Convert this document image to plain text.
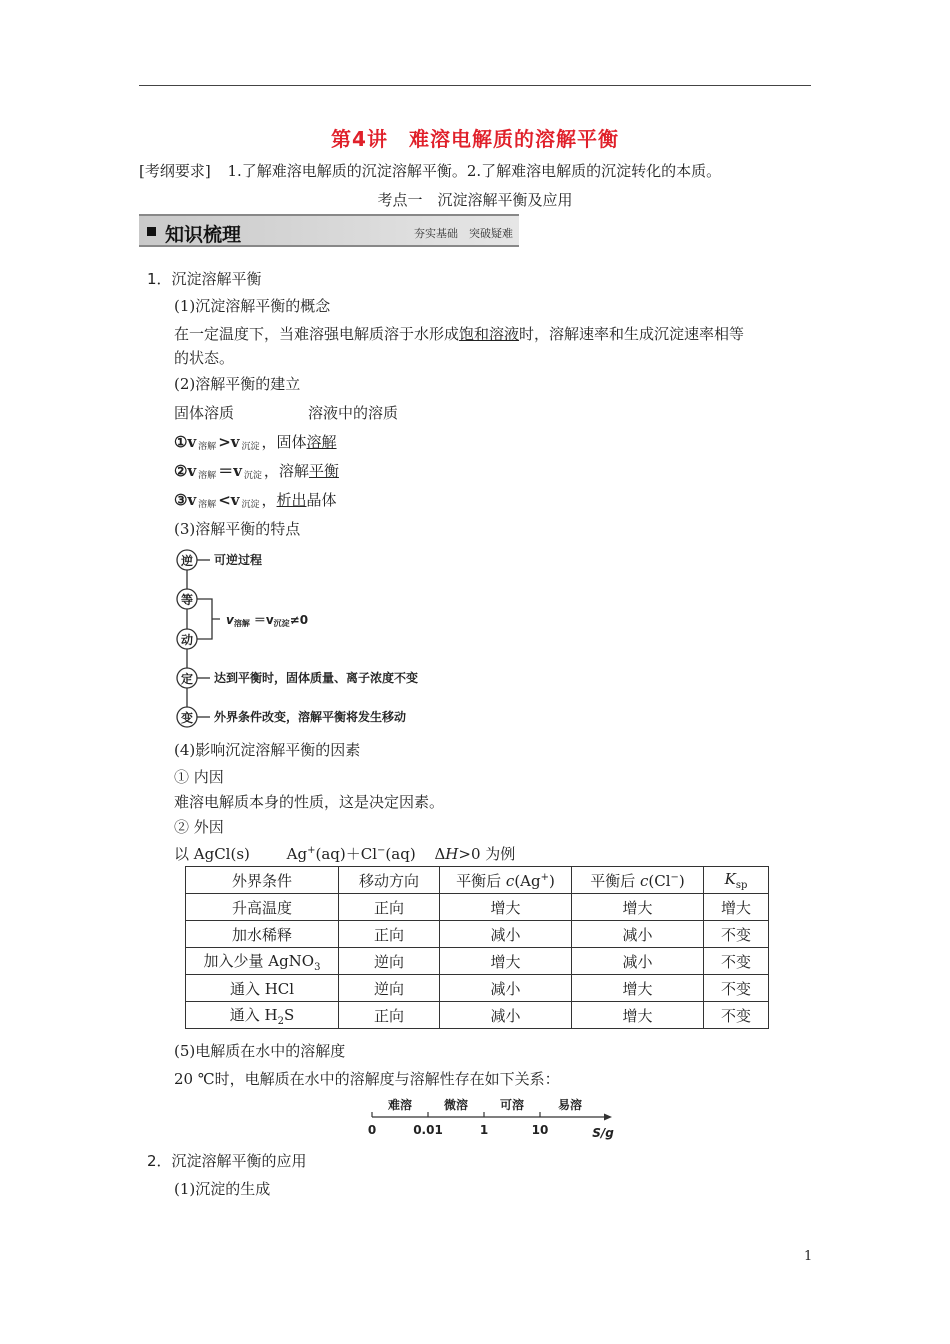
第4讲　难溶电解质的溶解平衡
[考纲要求] 1.了解难溶电解质的沉淀溶解平衡。2.了解难溶电解质的沉淀转化的本质。
考点一　沉淀溶解平衡及应用
知识梳理	夯实基础　突破疑难
1．沉淀溶解平衡
(1)沉淀溶解平衡的概念
在一定温度下，当难溶强电解质溶于水形成饱和溶液时，溶解速率和生成沉淀速率相等
的状态。
(2)溶解平衡的建立
固体溶质	溶液中的溶质
①v 溶解 >v 沉淀 ，固体溶解
②v 溶解 ＝v 沉淀 ，溶解平衡
③v 溶解 <v 沉淀 ，析出晶体
(3)溶解平衡的特点
逆 可逆过程
等
动
v溶解 ＝v沉淀≠0
定 达到平衡时，固体质量、离子浓度不变
变 外界条件改变，溶解平衡将发生移动
(4)影响沉淀溶解平衡的因素
① 内因
难溶电解质本身的性质，这是决定因素。
② 外因
以 AgCl(s) Ag+(aq)＋Cl−(aq) ΔH>0 为例
外界条件	移动方向	平衡后 c(Ag+)	平衡后 c(Cl−)	$K_{sp}$
升高温度	正向	增大	增大	增大
加水稀释	正向	减小	减小	不变
加入少量 AgNO$_3$	逆向	增大	减小	不变
通入 HCl	逆向	减小	增大	不变
通入 $H_2S$	正向	减小	增大	不变
(5)电解质在水中的溶解度
20 ℃时，电解质在水中的溶解度与溶解性存在如下关系：
难溶	微溶	可溶	易溶
0	0.01	1	10	S/g
2．沉淀溶解平衡的应用
(1)沉淀的生成
1
